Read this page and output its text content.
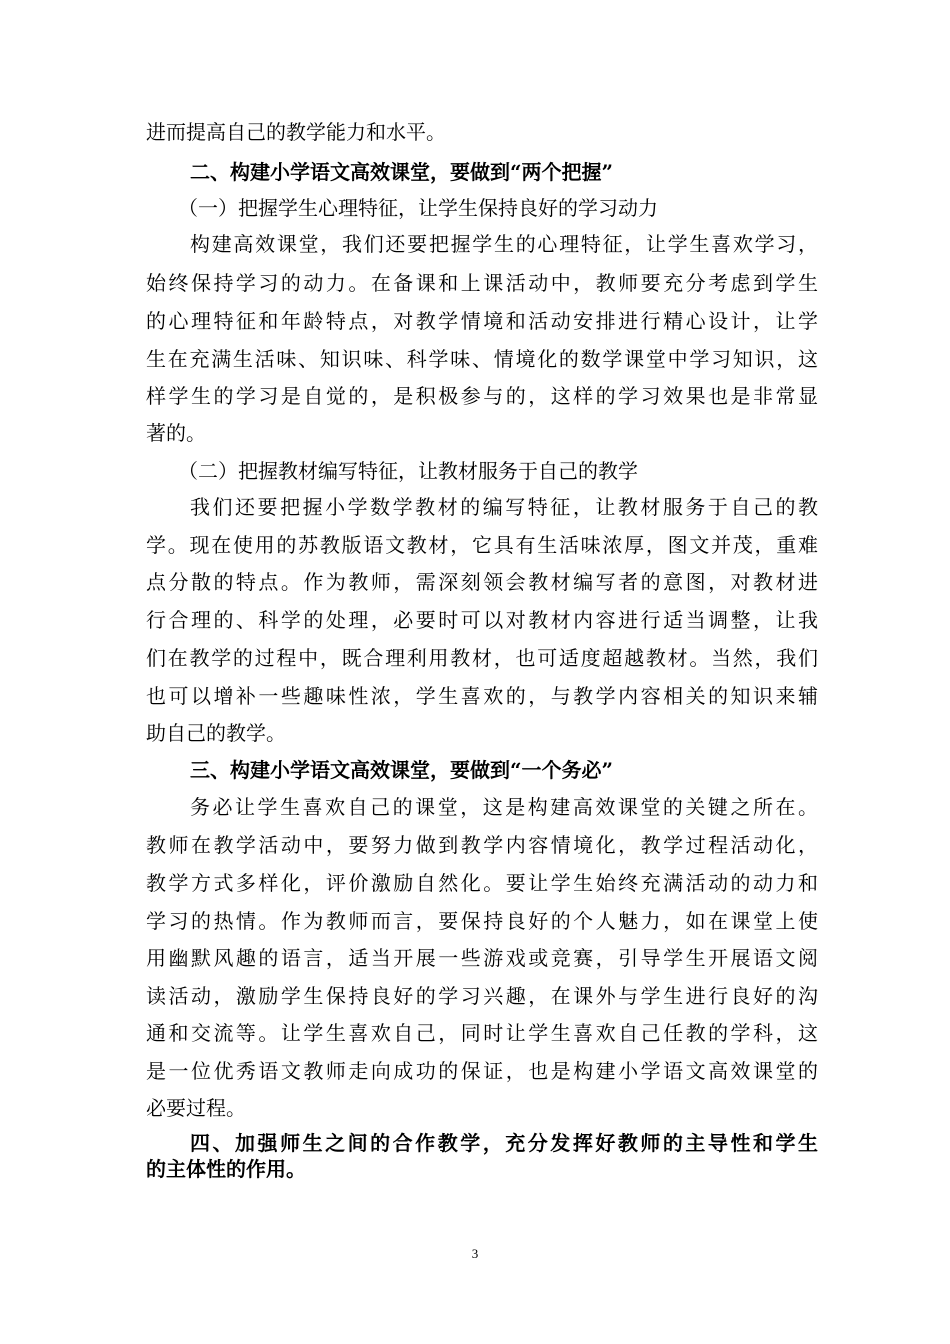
进而提高自己的教学能力和水平。
二、构建小学语文高效课堂，要做到“两个把握”
（一）把握学生心理特征，让学生保持良好的学习动力
构建高效课堂，我们还要把握学生的心理特征，让学生喜欢学习，
始终保持学习的动力。在备课和上课活动中，教师要充分考虑到学生
的心理特征和年龄特点，对教学情境和活动安排进行精心设计，让学
生在充满生活味、知识味、科学味、情境化的数学课堂中学习知识，这
样学生的学习是自觉的，是积极参与的，这样的学习效果也是非常显
著的。
（二）把握教材编写特征，让教材服务于自己的教学
我们还要把握小学数学教材的编写特征，让教材服务于自己的教
学。现在使用的苏教版语文教材，它具有生活味浓厚，图文并茂，重难
点分散的特点。作为教师，需深刻领会教材编写者的意图，对教材进
行合理的、科学的处理，必要时可以对教材内容进行适当调整，让我
们在教学的过程中，既合理利用教材，也可适度超越教材。当然，我们
也可以增补一些趣味性浓，学生喜欢的，与教学内容相关的知识来辅
助自己的教学。
三、构建小学语文高效课堂，要做到“一个务必”
务必让学生喜欢自己的课堂，这是构建高效课堂的关键之所在。
教师在教学活动中，要努力做到教学内容情境化，教学过程活动化，
教学方式多样化，评价激励自然化。要让学生始终充满活动的动力和
学习的热情。作为教师而言，要保持良好的个人魅力，如在课堂上使
用幽默风趣的语言，适当开展一些游戏或竞赛，引导学生开展语文阅
读活动，激励学生保持良好的学习兴趣，在课外与学生进行良好的沟
通和交流等。让学生喜欢自己，同时让学生喜欢自己任教的学科，这
是一位优秀语文教师走向成功的保证，也是构建小学语文高效课堂的
必要过程。
四、加强师生之间的合作教学，充分发挥好教师的主导性和学生
的主体性的作用。
3
